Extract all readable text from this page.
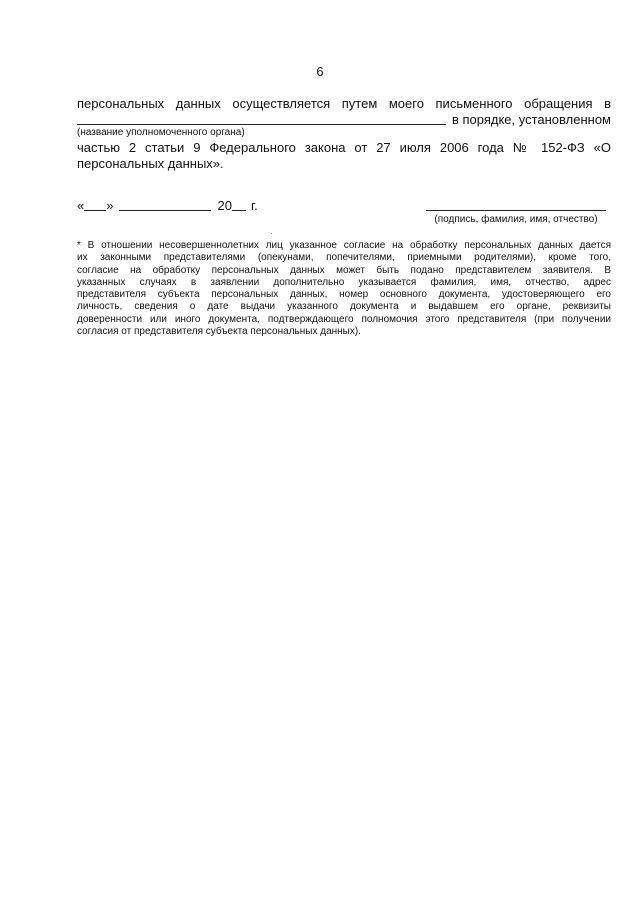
6
персональных данных осуществляется путем моего письменного обращения в
в порядке, установленном
(название уполномоченного органа)
частью 2 статьи 9 Федерального закона от 27 июля 2006 года № 152-ФЗ «О
персональных данных».
« »	20 г.
(подпись, фамилия, имя, отчество)
* В отношении несовершеннолетних лиц указанное согласие на обработку персональных данных дается
их законными представителями (опекунами, попечителями, приемными родителями), кроме того,
согласие на обработку персональных данных может быть подано представителем заявителя. В
указанных случаях в заявлении дополнительно указывается фамилия, имя, отчество, адрес
представителя субъекта персональных данных, номер основного документа, удостоверяющего его
личность, сведения о дате выдачи указанного документа и выдавшем его органе, реквизиты
доверенности или иного документа, подтверждающего полномочия этого представителя (при получении
согласия от представителя субъекта персональных данных).
